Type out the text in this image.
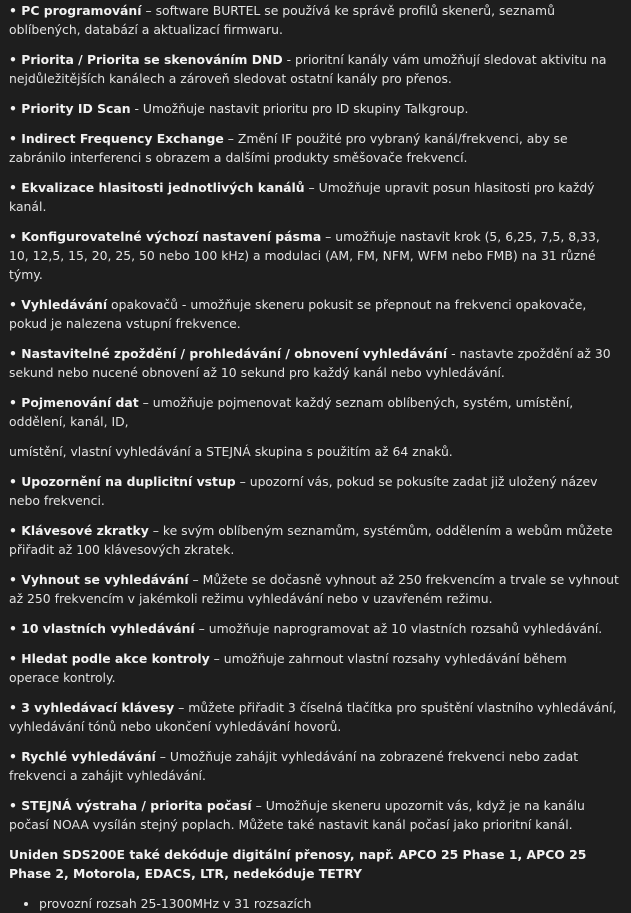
• PC programování – software BURTEL se používá ke správě profilů skenerů, seznamů oblíbených, databází a aktualizací firmwaru.

• Priorita / Priorita se skenováním DND - prioritní kanály vám umožňují sledovat aktivitu na nejdůležitějších kanálech a zároveň sledovat ostatní kanály pro přenos.

• Priority ID Scan - Umožňuje nastavit prioritu pro ID skupiny Talkgroup.

• Indirect Frequency Exchange – Změní IF použité pro vybraný kanál/frekvenci, aby se zabránilo interferenci s obrazem a dalšími produkty směšovače frekvencí.

• Ekvalizace hlasitosti jednotlivých kanálů – Umožňuje upravit posun hlasitosti pro každý kanál.

• Konfigurovatelné výchozí nastavení pásma – umožňuje nastavit krok (5, 6,25, 7,5, 8,33, 10, 12,5, 15, 20, 25, 50 nebo 100 kHz) a modulaci (AM, FM, NFM, WFM nebo FMB) na 31 různé týmy.

• Vyhledávání opakovačů - umožňuje skeneru pokusit se přepnout na frekvenci opakovače, pokud je nalezena vstupní frekvence.

• Nastavitelné zpoždění / prohledávání / obnovení vyhledávání - nastavte zpoždění až 30 sekund nebo nucené obnovení až 10 sekund pro každý kanál nebo vyhledávání.

• Pojmenování dat – umožňuje pojmenovat každý seznam oblíbených, systém, umístění, oddělení, kanál, ID,

umístění, vlastní vyhledávání a STEJNÁ skupina s použitím až 64 znaků.

• Upozornění na duplicitní vstup – upozorní vás, pokud se pokusíte zadat již uložený název nebo frekvenci.

• Klávesové zkratky – ke svým oblíbeným seznamům, systémům, oddělením a webům můžete přiřadit až 100 klávesových zkratek.

• Vyhnout se vyhledávání – Můžete se dočasně vyhnout až 250 frekvencím a trvale se vyhnout až 250 frekvencím v jakémkoli režimu vyhledávání nebo v uzavřeném režimu.

• 10 vlastních vyhledávání – umožňuje naprogramovat až 10 vlastních rozsahů vyhledávání.

• Hledat podle akce kontroly – umožňuje zahrnout vlastní rozsahy vyhledávání během operace kontroly.

• 3 vyhledávací klávesy – můžete přiřadit 3 číselná tlačítka pro spuštění vlastního vyhledávání, vyhledávání tónů nebo ukončení vyhledávání hovorů.

• Rychlé vyhledávání – Umožňuje zahájit vyhledávání na zobrazené frekvenci nebo zadat frekvenci a zahájit vyhledávání.

• STEJNÁ výstraha / priorita počasí – Umožňuje skeneru upozornit vás, když je na kanálu počasí NOAA vysílán stejný poplach. Můžete také nastavit kanál počasí jako prioritní kanál.

Uniden SDS200E také dekóduje digitální přenosy, např. APCO 25 Phase 1, APCO 25 Phase 2, Motorola, EDACS, LTR, nedekóduje TETRY

• provozní rozsah 25-1300MHz v 31 rozsazích
